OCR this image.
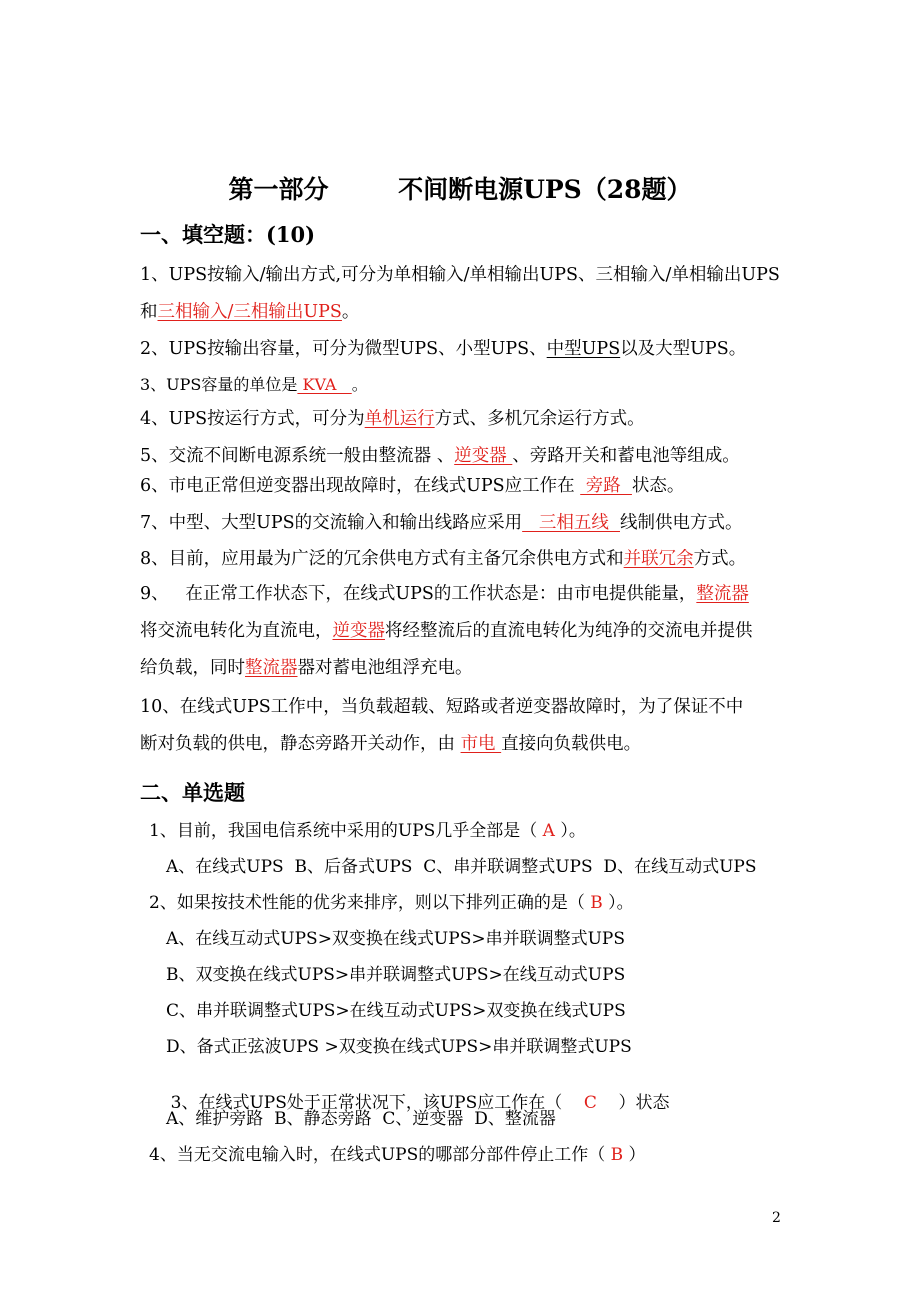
第一部分        不间断电源UPS（28题）
一、填空题：(10)
1、UPS按输入/输出方式,可分为单相输入/单相输出UPS、三相输入/单相输出UPS
和三相输入/三相输出UPS。
2、UPS按输出容量，可分为微型UPS、小型UPS、中型UPS以及大型UPS。
3、UPS容量的单位是 KVA   。
4、UPS按运行方式，可分为单机运行方式、多机冗余运行方式。
5、交流不间断电源系统一般由整流器 、逆变器 、旁路开关和蓄电池等组成。
6、市电正常但逆变器出现故障时，在线式UPS应工作在  旁路  状态。
7、中型、大型UPS的交流输入和输出线路应采用   三相五线  线制供电方式。
8、目前，应用最为广泛的冗余供电方式有主备冗余供电方式和并联冗余方式。
9、   在正常工作状态下，在线式UPS的工作状态是：由市电提供能量，整流器
将交流电转化为直流电，逆变器将经整流后的直流电转化为纯净的交流电并提供
给负载，同时整流器器对蓄电池组浮充电。
10、在线式UPS工作中，当负载超载、短路或者逆变器故障时，为了保证不中
断对负载的供电，静态旁路开关动作，由 市电 直接向负载供电。
二、单选题
1、目前，我国电信系统中采用的UPS几乎全部是（ A ）。
A、在线式UPS  B、后备式UPS  C、串并联调整式UPS  D、在线互动式UPS
2、如果按技术性能的优劣来排序，则以下排列正确的是（ B ）。
A、在线互动式UPS>双变换在线式UPS>串并联调整式UPS
B、双变换在线式UPS>串并联调整式UPS>在线互动式UPS
C、串并联调整式UPS>在线互动式UPS>双变换在线式UPS
D、备式正弦波UPS >双变换在线式UPS>串并联调整式UPS

3、在线式UPS处于正常状况下，该UPS应工作在（    C    ）状态

A、维护旁路  B、静态旁路  C、逆变器  D、整流器
4、当无交流电输入时，在线式UPS的哪部分部件停止工作（ B ）
2
